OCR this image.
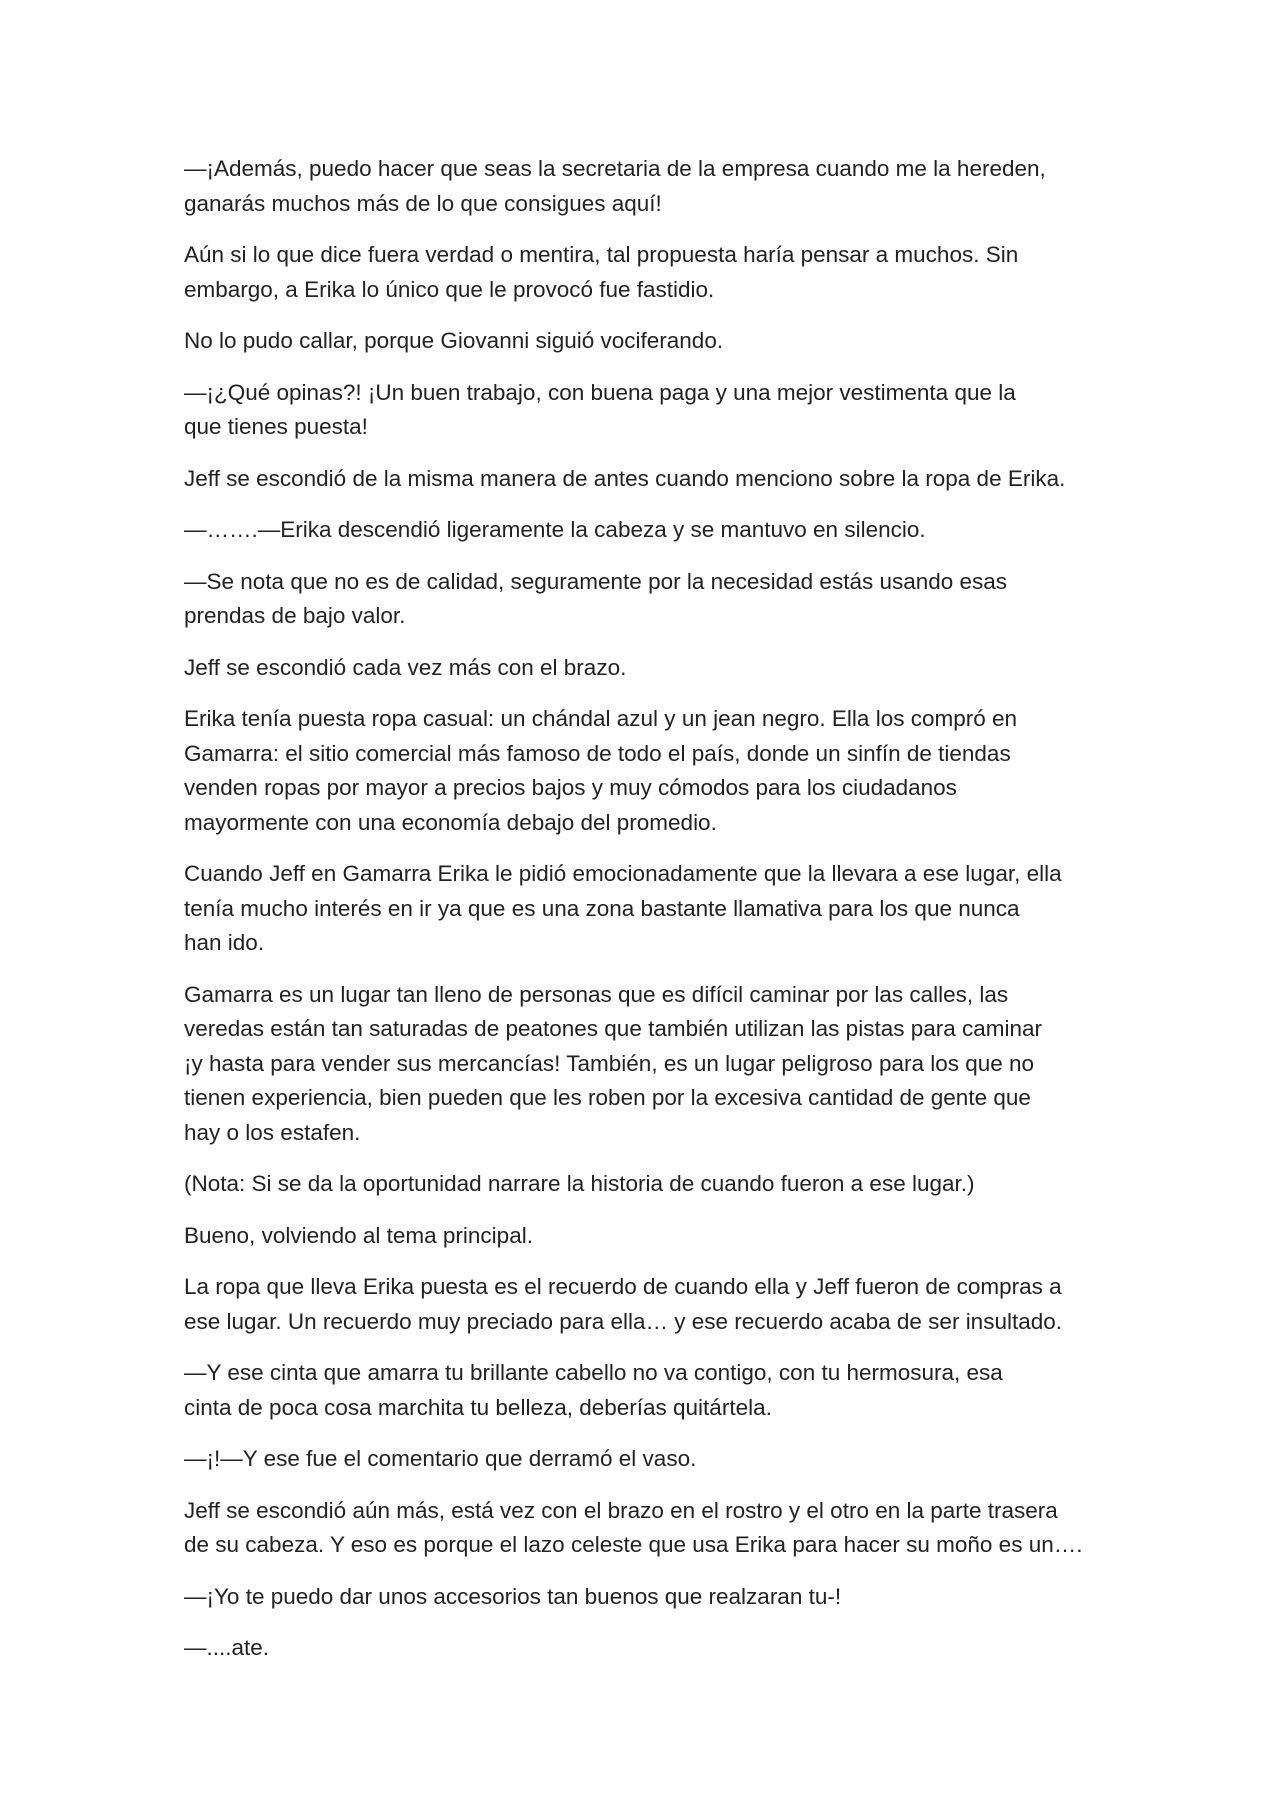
—¡Además, puedo hacer que seas la secretaria de la empresa cuando me la hereden,
ganarás muchos más de lo que consigues aquí!

Aún si lo que dice fuera verdad o mentira, tal propuesta haría pensar a muchos. Sin
embargo, a Erika lo único que le provocó fue fastidio.

No lo pudo callar, porque Giovanni siguió vociferando.

—¡¿Qué opinas?! ¡Un buen trabajo, con buena paga y una mejor vestimenta que la
que tienes puesta!

Jeff se escondió de la misma manera de antes cuando menciono sobre la ropa de Erika.

—…….—Erika descendió ligeramente la cabeza y se mantuvo en silencio.

—Se nota que no es de calidad, seguramente por la necesidad estás usando esas
prendas de bajo valor.

Jeff se escondió cada vez más con el brazo.

Erika tenía puesta ropa casual: un chándal azul y un jean negro. Ella los compró en
Gamarra: el sitio comercial más famoso de todo el país, donde un sinfín de tiendas
venden ropas por mayor a precios bajos y muy cómodos para los ciudadanos
mayormente con una economía debajo del promedio.

Cuando Jeff en Gamarra Erika le pidió emocionadamente que la llevara a ese lugar, ella
tenía mucho interés en ir ya que es una zona bastante llamativa para los que nunca
han ido.

Gamarra es un lugar tan lleno de personas que es difícil caminar por las calles, las
veredas están tan saturadas de peatones que también utilizan las pistas para caminar
¡y hasta para vender sus mercancías! También, es un lugar peligroso para los que no
tienen experiencia, bien pueden que les roben por la excesiva cantidad de gente que
hay o los estafen.

(Nota: Si se da la oportunidad narrare la historia de cuando fueron a ese lugar.)

Bueno, volviendo al tema principal.

La ropa que lleva Erika puesta es el recuerdo de cuando ella y Jeff fueron de compras a
ese lugar. Un recuerdo muy preciado para ella… y ese recuerdo acaba de ser insultado.

—Y ese cinta que amarra tu brillante cabello no va contigo, con tu hermosura, esa
cinta de poca cosa marchita tu belleza, deberías quitártela.

—¡!—Y ese fue el comentario que derramó el vaso.

Jeff se escondió aún más, está vez con el brazo en el rostro y el otro en la parte trasera
de su cabeza. Y eso es porque el lazo celeste que usa Erika para hacer su moño es un….

—¡Yo te puedo dar unos accesorios tan buenos que realzaran tu-!

—....ate.
